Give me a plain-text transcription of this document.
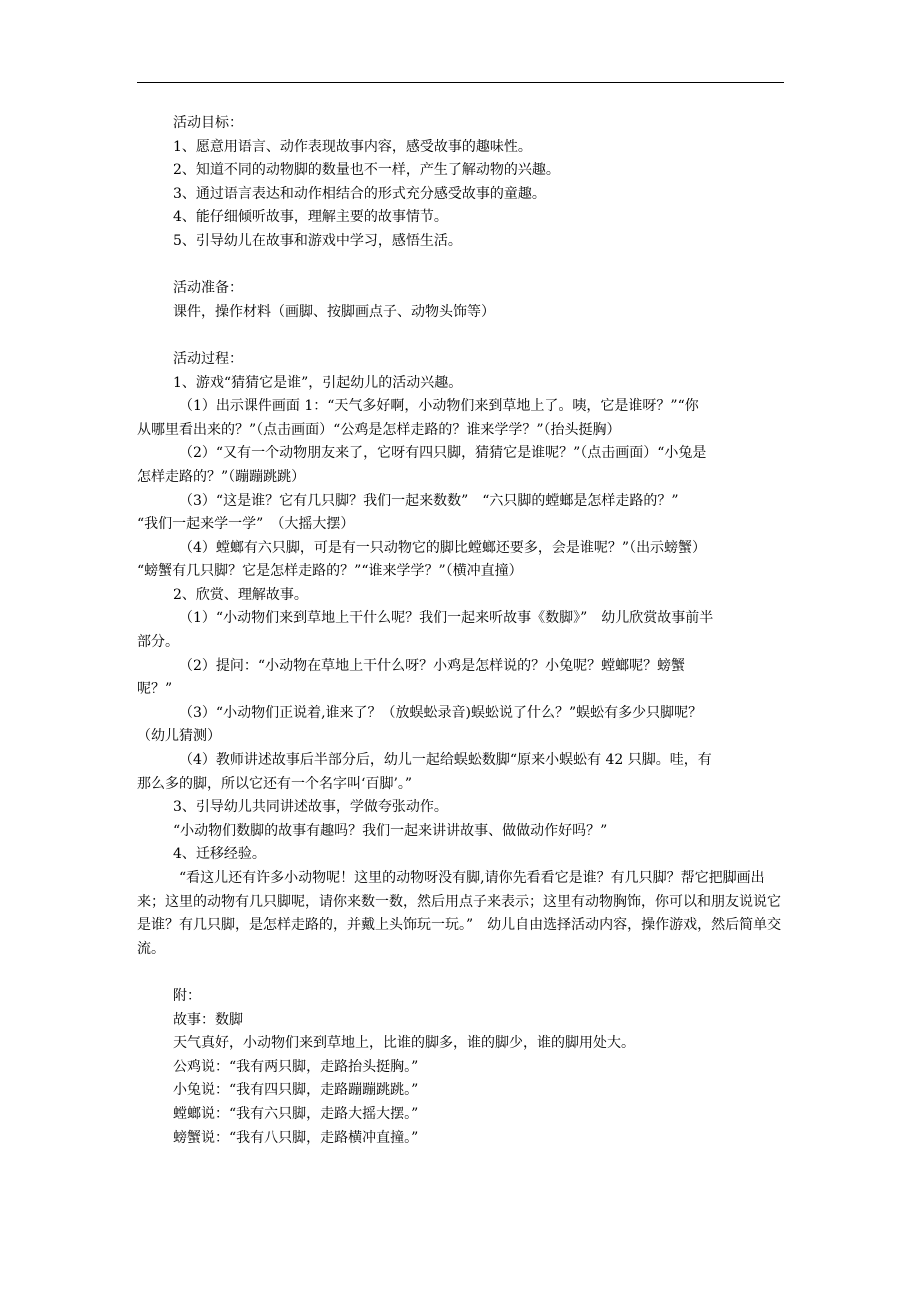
活动目标：
1、愿意用语言、动作表现故事内容，感受故事的趣味性。
2、知道不同的动物脚的数量也不一样，产生了解动物的兴趣。
3、通过语言表达和动作相结合的形式充分感受故事的童趣。
4、能仔细倾听故事，理解主要的故事情节。
5、引导幼儿在故事和游戏中学习，感悟生活。
活动准备：
课件，操作材料（画脚、按脚画点子、动物头饰等）
活动过程：
1、游戏“猜猜它是谁”，引起幼儿的活动兴趣。
（1）出示课件画面 1：“天气多好啊，小动物们来到草地上了。咦，它是谁呀？”“你
从哪里看出来的？”（点击画面）“公鸡是怎样走路的？谁来学学？”（抬头挺胸）
（2）“又有一个动物朋友来了，它呀有四只脚，猜猜它是谁呢？”（点击画面）“小兔是
怎样走路的？”（蹦蹦跳跳）
（3）“这是谁？它有几只脚？我们一起来数数”　“六只脚的螳螂是怎样走路的？”
“我们一起来学一学”　（大摇大摆）
（4）螳螂有六只脚，可是有一只动物它的脚比螳螂还要多，会是谁呢？”（出示螃蟹）
“螃蟹有几只脚？它是怎样走路的？”“谁来学学？”（横冲直撞）
2、欣赏、理解故事。
（1）“小动物们来到草地上干什么呢？我们一起来听故事《数脚》”　幼儿欣赏故事前半
部分。
（2）提问：“小动物在草地上干什么呀？小鸡是怎样说的？小兔呢？螳螂呢？螃蟹
呢？”
（3）“小动物们正说着,谁来了？（放蜈蚣录音)蜈蚣说了什么？”蜈蚣有多少只脚呢？
（幼儿猜测）
（4）教师讲述故事后半部分后，幼儿一起给蜈蚣数脚“原来小蜈蚣有 42 只脚。哇，有
那么多的脚，所以它还有一个名字叫‘百脚’。”
3、引导幼儿共同讲述故事，学做夸张动作。
“小动物们数脚的故事有趣吗？我们一起来讲讲故事、做做动作好吗？”
4、迁移经验。
“看这儿还有许多小动物呢！这里的动物呀没有脚,请你先看看它是谁？有几只脚？帮它把脚画出来；这里的动物有几只脚呢，请你来数一数，然后用点子来表示；这里有动物胸饰，你可以和朋友说说它是谁？有几只脚，是怎样走路的，并戴上头饰玩一玩。”　幼儿自由选择活动内容，操作游戏，然后简单交流。
附：
故事：数脚
天气真好，小动物们来到草地上，比谁的脚多，谁的脚少，谁的脚用处大。
公鸡说：“我有两只脚，走路抬头挺胸。”
小兔说：“我有四只脚，走路蹦蹦跳跳。”
螳螂说：“我有六只脚，走路大摇大摆。”
螃蟹说：“我有八只脚，走路横冲直撞。”
